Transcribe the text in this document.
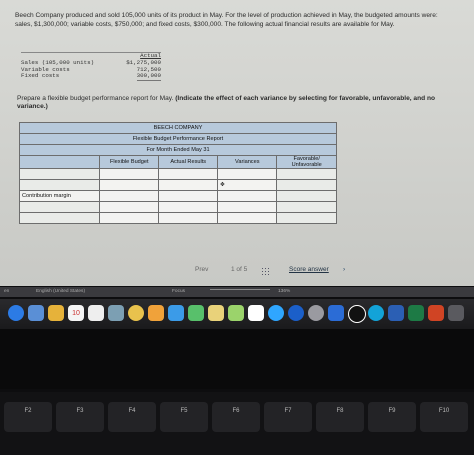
Beech Company produced and sold 105,000 units of its product in May. For the level of production achieved in May, the budgeted amounts were: sales, $1,300,000; variable costs, $750,000; and fixed costs, $300,000. The following actual financial results are available for May.
Actual
Sales (105,000 units)	$1,275,000
Variable costs	712,500
Fixed costs	300,000
Prepare a flexible budget performance report for May. (Indicate the effect of each variance by selecting for favorable, unfavorable, and no variance.)
BEECH COMPANY				
Flexible Budget Performance Report				
For Month Ended May 31				
	Flexible Budget	Actual Results	Variances	Favorable/ Unfavorable

			✥	
Contribution margin				

Prev	1 of 5	Score answer ›
en	English (United States)	Focus	136%
10
F2	F3	F4	F5	F6	F7	F8	F9	F10
